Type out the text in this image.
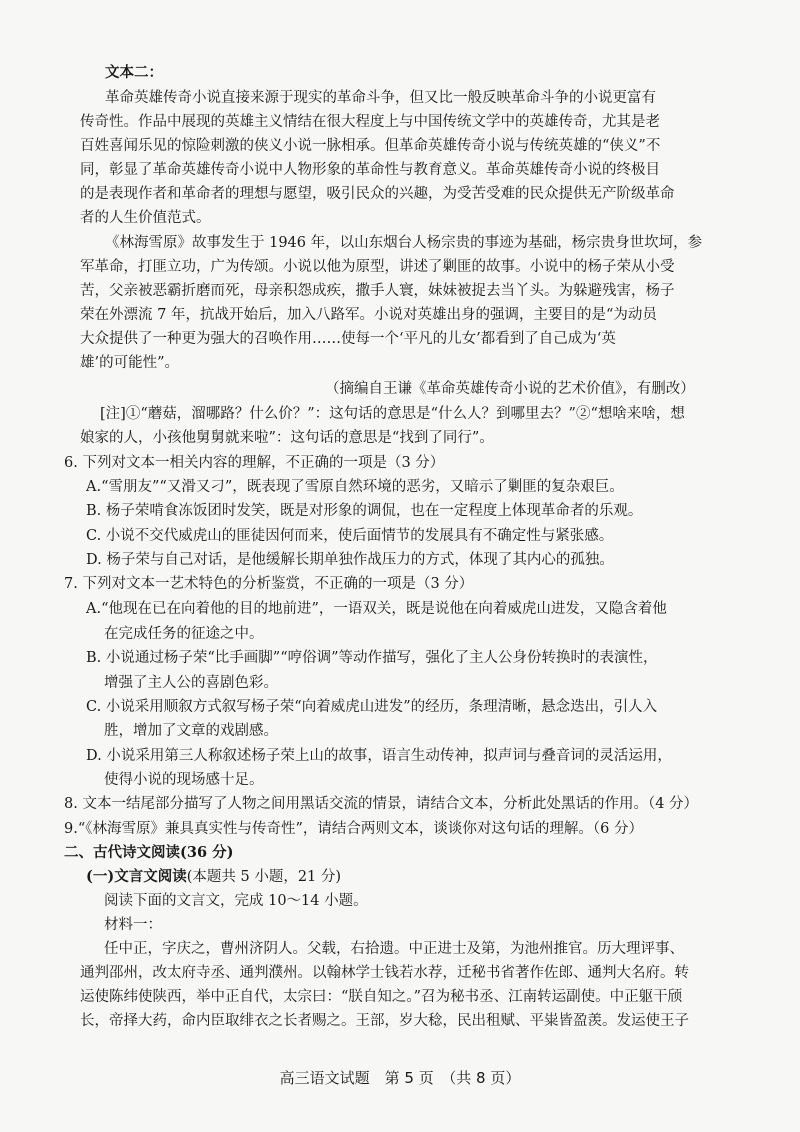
文本二：
革命英雄传奇小说直接来源于现实的革命斗争，但又比一般反映革命斗争的小说更富有
传奇性。作品中展现的英雄主义情结在很大程度上与中国传统文学中的英雄传奇，尤其是老
百姓喜闻乐见的惊险刺激的侠义小说一脉相承。但革命英雄传奇小说与传统英雄的“侠义”不
同，彰显了革命英雄传奇小说中人物形象的革命性与教育意义。革命英雄传奇小说的终极目
的是表现作者和革命者的理想与愿望，吸引民众的兴趣，为受苦受难的民众提供无产阶级革命
者的人生价值范式。
《林海雪原》故事发生于 1946 年，以山东烟台人杨宗贵的事迹为基础，杨宗贵身世坎坷，参
军革命，打匪立功，广为传颂。小说以他为原型，讲述了剿匪的故事。小说中的杨子荣从小受
苦，父亲被恶霸折磨而死，母亲积怨成疾，撒手人寰，妹妹被捉去当丫头。为躲避残害，杨子
荣在外漂流 7 年，抗战开始后，加入八路军。小说对英雄出身的强调，主要目的是“为动员
大众提供了一种更为强大的召唤作用……使每一个‘平凡的儿女’都看到了自己成为‘英
雄’的可能性”。
（摘编自王谦《革命英雄传奇小说的艺术价值》，有删改）
[注]①“蘑菇，溜哪路？什么价？”：这句话的意思是“什么人？到哪里去？”②“想啥来啥，想
娘家的人，小孩他舅舅就来啦”：这句话的意思是“找到了同行”。
6. 下列对文本一相关内容的理解，不正确的一项是（3 分）
A.“雪朋友”“又滑又刁”，既表现了雪原自然环境的恶劣，又暗示了剿匪的复杂艰巨。
B. 杨子荣啃食冻饭团时发笑，既是对形象的调侃，也在一定程度上体现革命者的乐观。
C. 小说不交代威虎山的匪徒因何而来，使后面情节的发展具有不确定性与紧张感。
D. 杨子荣与自己对话，是他缓解长期单独作战压力的方式，体现了其内心的孤独。
7. 下列对文本一艺术特色的分析鉴赏，不正确的一项是（3 分）
A.“他现在已在向着他的目的地前进”，一语双关，既是说他在向着威虎山进发，又隐含着他
在完成任务的征途之中。
B. 小说通过杨子荣“比手画脚”“哼俗调”等动作描写，强化了主人公身份转换时的表演性，
增强了主人公的喜剧色彩。
C. 小说采用顺叙方式叙写杨子荣“向着威虎山进发”的经历，条理清晰，悬念迭出，引人入
胜，增加了文章的戏剧感。
D. 小说采用第三人称叙述杨子荣上山的故事，语言生动传神，拟声词与叠音词的灵活运用，
使得小说的现场感十足。
8. 文本一结尾部分描写了人物之间用黑话交流的情景，请结合文本，分析此处黑话的作用。（4 分）
9.“《林海雪原》兼具真实性与传奇性”，请结合两则文本，谈谈你对这句话的理解。（6 分）
二、古代诗文阅读(36 分)
(一)文言文阅读(本题共 5 小题，21 分)
阅读下面的文言文，完成 10～14 小题。
材料一：
任中正，字庆之，曹州济阴人。父载，右拾遗。中正进士及第，为池州推官。历大理评事、
通判邵州，改太府寺丞、通判濮州。以翰林学士钱若水荐，迁秘书省著作佐郎、通判大名府。转
运使陈纬使陕西，举中正自代，太宗曰：“朕自知之。”召为秘书丞、江南转运副使。中正躯干颀
长，帝择大药，命内臣取绯衣之长者赐之。王部，岁大稔，民出租赋、平粜皆盈羡。发运使王子
高三语文试题　第 5 页　（共 8 页）
